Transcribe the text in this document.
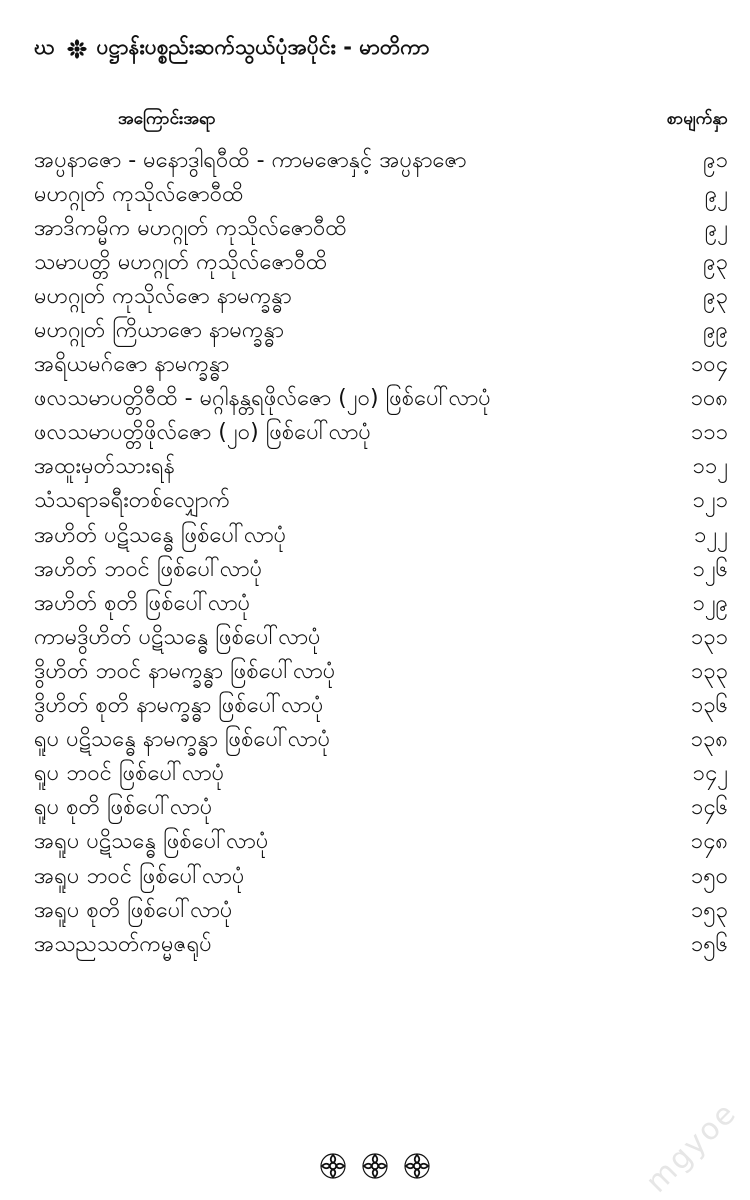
ဃ ပဋ္ဌာန်းပစ္စည်းဆက်သွယ်ပုံအပိုင်း - မာတိကာ
အကြောင်းအရာ	စာမျက်နှာ
အပ္ပနာဇော - မနောဒွါရဝီထိ - ကာမဇောနှင့် အပ္ပနာဇော	၉၁
မဟဂ္ဂုတ် ကုသိုလ်ဇောဝီထိ	၉၂
အာဒိကမ္မိက မဟဂ္ဂုတ် ကုသိုလ်ဇောဝီထိ	၉၂
သမာပတ္တိ မဟဂ္ဂုတ် ကုသိုလ်ဇောဝီထိ	၉၃
မဟဂ္ဂုတ် ကုသိုလ်ဇော နာမက္ခန္ဓာ	၉၃
မဟဂ္ဂုတ် ကြိယာဇော နာမက္ခန္ဓာ	၉၉
အရိယမဂ်ဇော နာမက္ခန္ဓာ	၁၀၄
ဖလသမာပတ္တိဝီထိ - မဂ္ဂါနန္တရဖိုလ်ဇော (၂၀) ဖြစ်ပေါ်လာပုံ	၁၀၈
ဖလသမာပတ္တိဖိုလ်ဇော (၂၀) ဖြစ်ပေါ်လာပုံ	၁၁၁
အထူးမှတ်သားရန်	၁၁၂
သံသရာခရီးတစ်လျှောက်	၁၂၁
အဟိတ် ပဋိသန္ဓေ ဖြစ်ပေါ်လာပုံ	၁၂၂
အဟိတ် ဘဝင် ဖြစ်ပေါ်လာပုံ	၁၂၆
အဟိတ် စုတိ ဖြစ်ပေါ်လာပုံ	၁၂၉
ကာမဒွိဟိတ် ပဋိသန္ဓေ ဖြစ်ပေါ်လာပုံ	၁၃၁
ဒွိဟိတ် ဘဝင် နာမက္ခန္ဓာ ဖြစ်ပေါ်လာပုံ	၁၃၃
ဒွိဟိတ် စုတိ နာမက္ခန္ဓာ ဖြစ်ပေါ်လာပုံ	၁၃၆
ရူပ ပဋိသန္ဓေ နာမက္ခန္ဓာ ဖြစ်ပေါ်လာပုံ	၁၃၈
ရူပ ဘဝင် ဖြစ်ပေါ်လာပုံ	၁၄၂
ရူပ စုတိ ဖြစ်ပေါ်လာပုံ	၁၄၆
အရူပ ပဋိသန္ဓေ ဖြစ်ပေါ်လာပုံ	၁၄၈
အရူပ ဘဝင် ဖြစ်ပေါ်လာပုံ	၁၅၀
အရူပ စုတိ ဖြစ်ပေါ်လာပုံ	၁၅၃
အသညသတ်ကမ္မဇရုပ်	၁၅၆
mgyoe
